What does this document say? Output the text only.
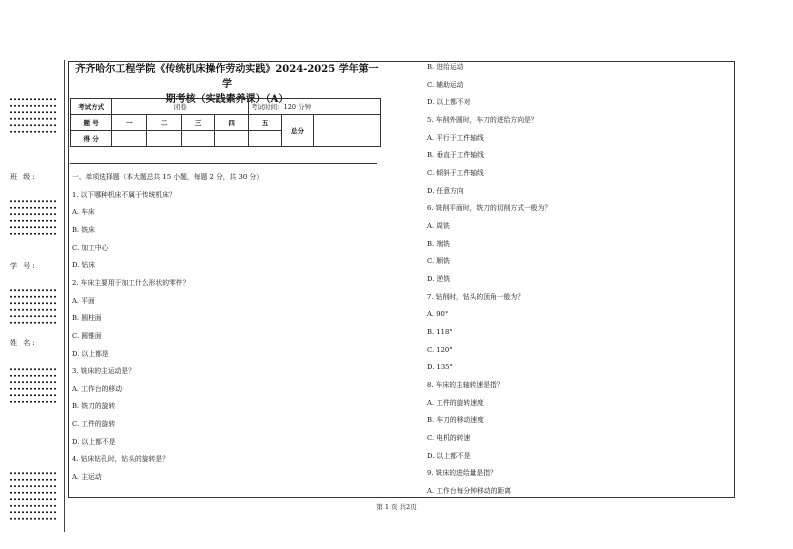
班 级:
学 号:
姓 名:
齐齐哈尔工程学院《传统机床操作劳动实践》2024-2025 学年第一学
期考核（实践素养课）（A）
考试方式	闭卷				考试时间：120 分钟		
题 号	一	二	三	四	五	总分	
得 分							
一、单项选择题（本大题总共 15 小题，每题 2 分，共 30 分）
1. 以下哪种机床不属于传统机床？
A. 车床
B. 铣床
C. 加工中心
D. 钻床
2. 车床主要用于加工什么形状的零件？
A. 平面
B. 圆柱面
C. 圆锥面
D. 以上都是
3. 铣床的主运动是？
A. 工作台的移动
B. 铣刀的旋转
C. 工件的旋转
D. 以上都不是
4. 钻床钻孔时，钻头的旋转是？
A. 主运动
B. 进给运动
C. 辅助运动
D. 以上都不对
5. 车削外圆时，车刀的进给方向是？
A. 平行于工件轴线
B. 垂直于工件轴线
C. 倾斜于工件轴线
D. 任意方向
6. 铣削平面时，铣刀的切削方式一般为？
A. 周铣
B. 端铣
C. 顺铣
D. 逆铣
7. 钻削时，钻头的顶角一般为？
A. 90°
B. 118°
C. 120°
D. 135°
8. 车床的主轴转速是指？
A. 工件的旋转速度
B. 车刀的移动速度
C. 电机的转速
D. 以上都不是
9. 铣床的进给量是指？
A. 工作台每分钟移动的距离
第 1 页 共2页
